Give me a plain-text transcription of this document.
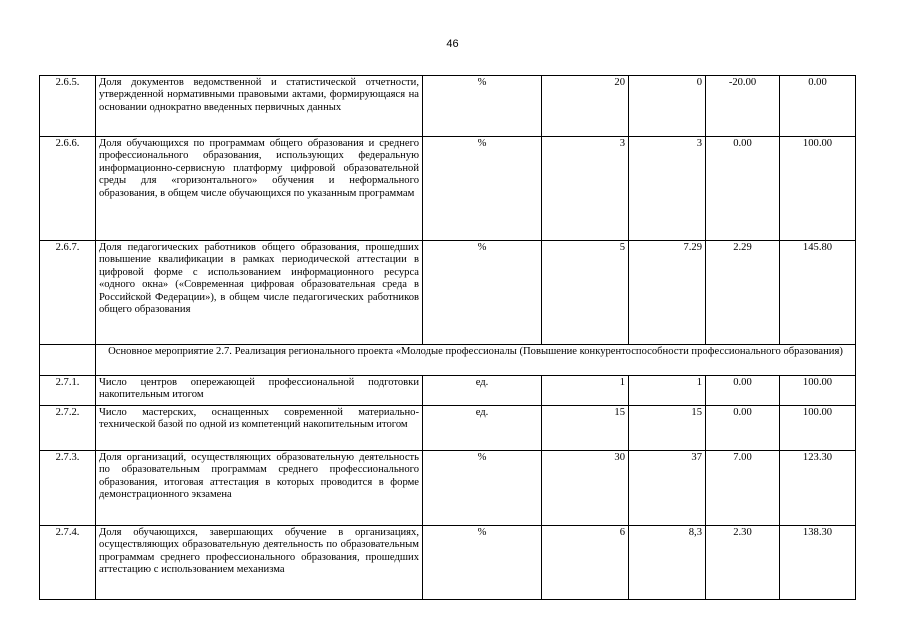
46
2.6.5.	Доля документов ведомственной и статистической отчетности, утвержденной нормативными правовыми актами, формирующаяся на основании однократно введенных первичных данных	%	20	0	-20.00	0.00
2.6.6.	Доля обучающихся по программам общего образования и среднего профессионального образования, использующих федеральную информационно-сервисную платформу цифровой образовательной среды для «горизонтального» обучения и неформального образования, в общем числе обучающихся по указанным программам	%	3	3	0.00	100.00
2.6.7.	Доля педагогических работников общего образования, прошедших повышение квалификации в рамках периодической аттестации в цифровой форме с использованием информационного ресурса «одного окна» («Современная цифровая образовательная среда в Российской Федерации»), в общем числе педагогических работников общего образования	%	5	7.29	2.29	145.80
	Основное мероприятие 2.7. Реализация регионального проекта «Молодые профессионалы (Повышение конкурентоспособности профессионального образования)					
2.7.1.	Число центров опережающей профессиональной подготовки накопительным итогом	ед.	1	1	0.00	100.00
2.7.2.	Число мастерских, оснащенных современной материально-технической базой по одной из компетенций накопительным итогом	ед.	15	15	0.00	100.00
2.7.3.	Доля организаций, осуществляющих образовательную деятельность по образовательным программам среднего профессионального образования, итоговая аттестация в которых проводится в форме демонстрационного экзамена	%	30	37	7.00	123.30
2.7.4.	Доля обучающихся, завершающих обучение в организациях, осуществляющих образовательную деятельность по образовательным программам среднего профессионального образования, прошедших аттестацию с использованием механизма	%	6	8,3	2.30	138.30
